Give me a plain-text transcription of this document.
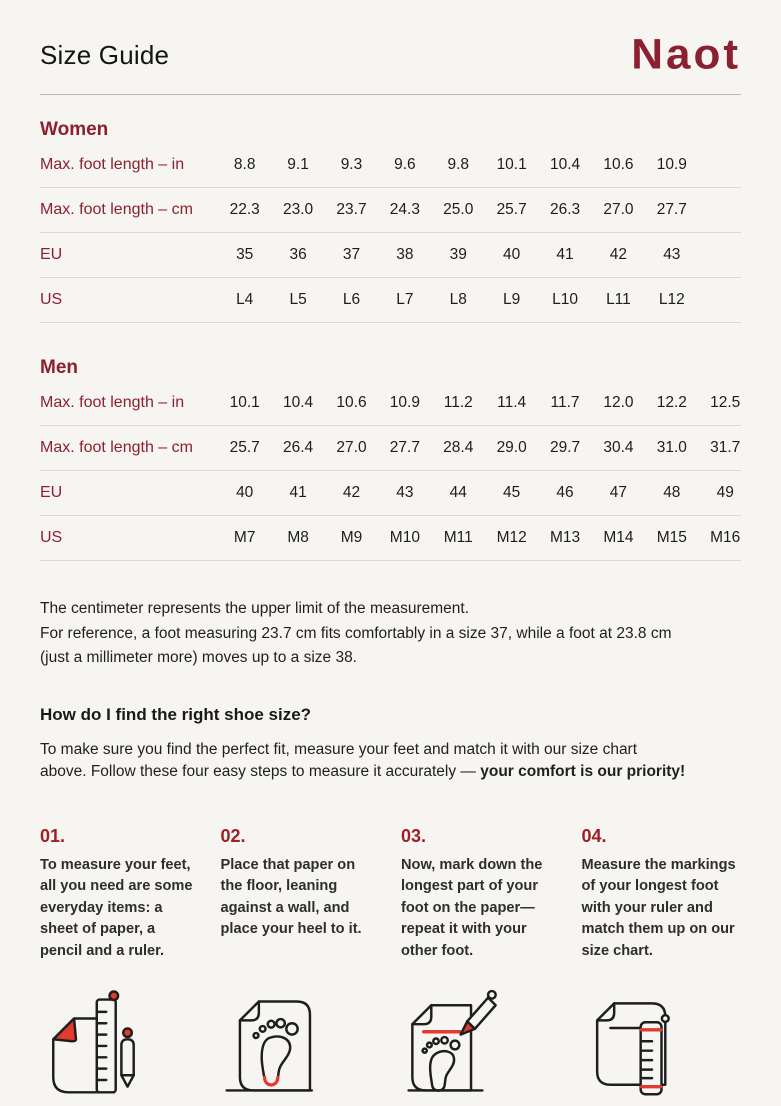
Size Guide	Naot
Women
Max. foot length – in	8.8	9.1	9.3	9.6	9.8	10.1	10.4	10.6	10.9
Max. foot length – cm	22.3	23.0	23.7	24.3	25.0	25.7	26.3	27.0	27.7
EU	35	36	37	38	39	40	41	42	43
US	L4	L5	L6	L7	L8	L9	L10	L11	L12
Men
Max. foot length – in	10.1	10.4	10.6	10.9	11.2	11.4	11.7	12.0	12.2	12.5
Max. foot length – cm	25.7	26.4	27.0	27.7	28.4	29.0	29.7	30.4	31.0	31.7
EU	40	41	42	43	44	45	46	47	48	49
US	M7	M8	M9	M10	M11	M12	M13	M14	M15	M16
The centimeter represents the upper limit of the measurement.
For reference, a foot measuring 23.7 cm fits comfortably in a size 37, while a foot at 23.8 cm
(just a millimeter more) moves up to a size 38.
How do I find the right shoe size?
To make sure you find the perfect fit, measure your feet and match it with our size chart
above. Follow these four easy steps to measure it accurately — your comfort is our priority!
01.
To measure your feet, all you need are some everyday items: a sheet of paper, a pencil and a ruler.
02.
Place that paper on the floor, leaning against a wall, and place your heel to it.
03.
Now, mark down the longest part of your foot on the paper—repeat it with your other foot.
04.
Measure the markings of your longest foot with your ruler and match them up on our size chart.
